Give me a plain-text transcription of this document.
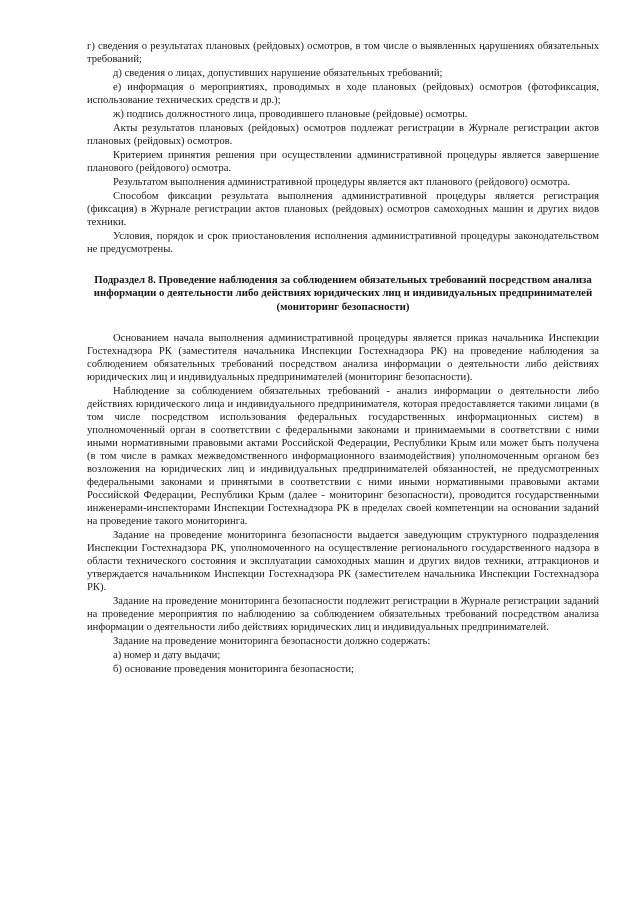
г) сведения о результатах плановых (рейдовых) осмотров, в том числе о выявленных нарушениях обязательных требований;

д) сведения о лицах, допустивших нарушение обязательных требований;

е) информация о мероприятиях, проводимых в ходе плановых (рейдовых) осмотров (фотофиксация, использование технических средств и др.);

ж) подпись должностного лица, проводившего плановые (рейдовые) осмотры.

Акты результатов плановых (рейдовых) осмотров подлежат регистрации в Журнале регистрации актов плановых (рейдовых) осмотров.

Критерием принятия решения при осуществлении административной процедуры является завершение планового (рейдового) осмотра.

Результатом выполнения административной процедуры является акт планового (рейдового) осмотра.

Способом фиксации результата выполнения административной процедуры является регистрация (фиксация) в Журнале регистрации актов плановых (рейдовых) осмотров самоходных машин и других видов техники.

Условия, порядок и срок приостановления исполнения административной процедуры законодательством не предусмотрены.

Подраздел 8. Проведение наблюдения за соблюдением обязательных требований посредством анализа информации о деятельности либо действиях юридических лиц и индивидуальных предпринимателей (мониторинг безопасности)

Основанием начала выполнения административной процедуры является приказ начальника Инспекции Гостехнадзора РК (заместителя начальника Инспекции Гостехнадзора РК) на проведение наблюдения за соблюдением обязательных требований посредством анализа информации о деятельности либо действиях юридических лиц и индивидуальных предпринимателей (мониторинг безопасности).

Наблюдение за соблюдением обязательных требований - анализ информации о деятельности либо действиях юридического лица и индивидуального предпринимателя, которая предоставляется такими лицами (в том числе посредством использования федеральных государственных информационных систем) в уполномоченный орган в соответствии с федеральными законами и принимаемыми в соответствии с ними иными нормативными правовыми актами Российской Федерации, Республики Крым или может быть получена (в том числе в рамках межведомственного информационного взаимодействия) уполномоченным органом без возложения на юридических лиц и индивидуальных предпринимателей обязанностей, не предусмотренных федеральными законами и принятыми в соответствии с ними иными нормативными правовыми актами Российской Федерации, Республики Крым (далее - мониторинг безопасности), проводится государственными инженерами-инспекторами Инспекции Гостехнадзора РК в пределах своей компетенции на основании заданий на проведение такого мониторинга.

Задание на проведение мониторинга безопасности выдается заведующим структурного подразделения Инспекции Гостехнадзора РК, уполномоченного на осуществление регионального государственного надзора в области технического состояния и эксплуатации самоходных машин и других видов техники, аттракционов и утверждается начальником Инспекции Гостехнадзора РК (заместителем начальника Инспекции Гостехнадзора РК).

Задание на проведение мониторинга безопасности подлежит регистрации в Журнале регистрации заданий на проведение мероприятия по наблюдению за соблюдением обязательных требований посредством анализа информации о деятельности либо действиях юридических лиц и индивидуальных предпринимателей.

Задание на проведение мониторинга безопасности должно содержать:

а) номер и дату выдачи;

б) основание проведения мониторинга безопасности;
